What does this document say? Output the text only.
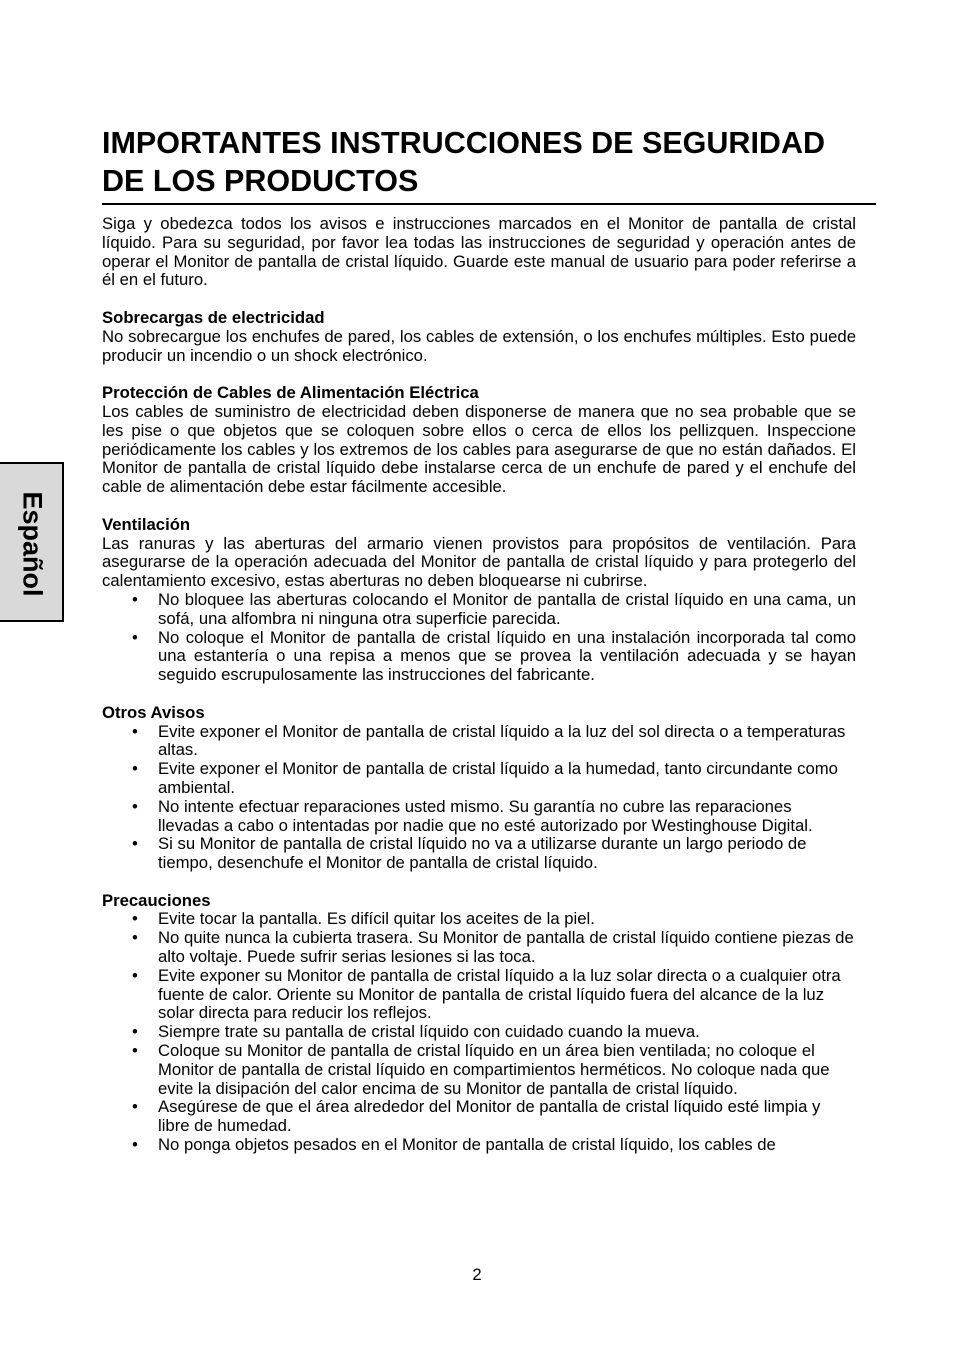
IMPORTANTES INSTRUCCIONES DE SEGURIDAD DE LOS PRODUCTOS

Siga y obedezca todos los avisos e instrucciones marcados en el Monitor de pantalla de cristal líquido. Para su seguridad, por favor lea todas las instrucciones de seguridad y operación antes de operar el Monitor de pantalla de cristal líquido. Guarde este manual de usuario para poder referirse a él en el futuro.

Sobrecargas de electricidad

No sobrecargue los enchufes de pared, los cables de extensión, o los enchufes múltiples. Esto puede producir un incendio o un shock electrónico.

Protección de Cables de Alimentación Eléctrica

Los cables de suministro de electricidad deben disponerse de manera que no sea probable que se les pise o que objetos que se coloquen sobre ellos o cerca de ellos los pellizquen. Inspeccione periódicamente los cables y los extremos de los cables para asegurarse de que no están dañados. El Monitor de pantalla de cristal líquido debe instalarse cerca de un enchufe de pared y el enchufe del cable de alimentación debe estar fácilmente accesible.

Ventilación

Las ranuras y las aberturas del armario vienen provistos para propósitos de ventilación. Para asegurarse de la operación adecuada del Monitor de pantalla de cristal líquido y para protegerlo del calentamiento excesivo, estas aberturas no deben bloquearse ni cubrirse.

• No bloquee las aberturas colocando el Monitor de pantalla de cristal líquido en una cama, un sofá, una alfombra ni ninguna otra superficie parecida.
• No coloque el Monitor de pantalla de cristal líquido en una instalación incorporada tal como una estantería o una repisa a menos que se provea la ventilación adecuada y se hayan seguido escrupulosamente las instrucciones del fabricante.

Otros Avisos

• Evite exponer el Monitor de pantalla de cristal líquido a la luz del sol directa o a temperaturas altas.
• Evite exponer el Monitor de pantalla de cristal líquido a la humedad, tanto circundante como ambiental.
• No intente efectuar reparaciones usted mismo. Su garantía no cubre las reparaciones llevadas a cabo o intentadas por nadie que no esté autorizado por Westinghouse Digital.
• Si su Monitor de pantalla de cristal líquido no va a utilizarse durante un largo periodo de tiempo, desenchufe el Monitor de pantalla de cristal líquido.

Precauciones

• Evite tocar la pantalla. Es difícil quitar los aceites de la piel.
• No quite nunca la cubierta trasera. Su Monitor de pantalla de cristal líquido contiene piezas de alto voltaje. Puede sufrir serias lesiones si las toca.
• Evite exponer su Monitor de pantalla de cristal líquido a la luz solar directa o a cualquier otra fuente de calor. Oriente su Monitor de pantalla de cristal líquido fuera del alcance de la luz solar directa para reducir los reflejos.
• Siempre trate su pantalla de cristal líquido con cuidado cuando la mueva.
• Coloque su Monitor de pantalla de cristal líquido en un área bien ventilada; no coloque el Monitor de pantalla de cristal líquido en compartimientos herméticos. No coloque nada que evite la disipación del calor encima de su Monitor de pantalla de cristal líquido.
• Asegúrese de que el área alrededor del Monitor de pantalla de cristal líquido esté limpia y libre de humedad.
• No ponga objetos pesados en el Monitor de pantalla de cristal líquido, los cables de
Español
2
